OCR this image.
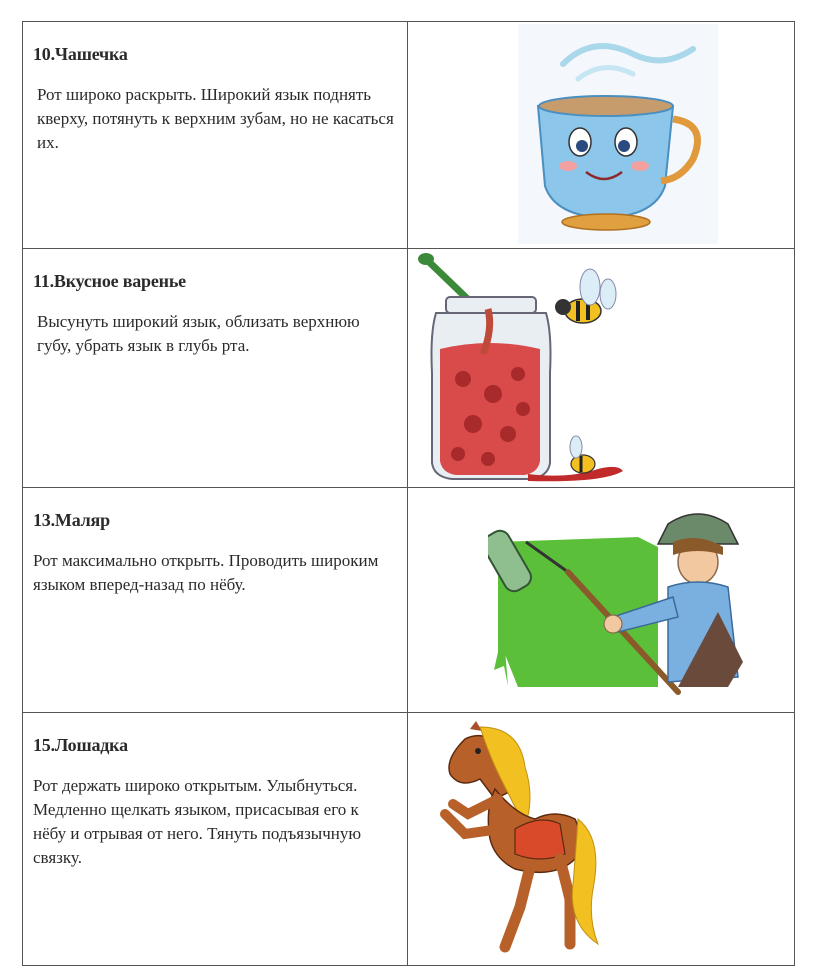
10.Чашечка

Рот широко раскрыть. Широкий язык поднять кверху, потянуть к верхним зубам, но не касаться их.

11.Вкусное варенье

Высунуть широкий язык, облизать верхнюю губу, убрать язык в глубь рта.

13.Маляр

Рот максимально открыть. Проводить широким языком вперед-назад по нёбу.

15.Лошадка

Рот держать широко открытым. Улыбнуться. Медленно щелкать языком, присасывая его к нёбу и отрывая от него. Тянуть подъязычную связку.
